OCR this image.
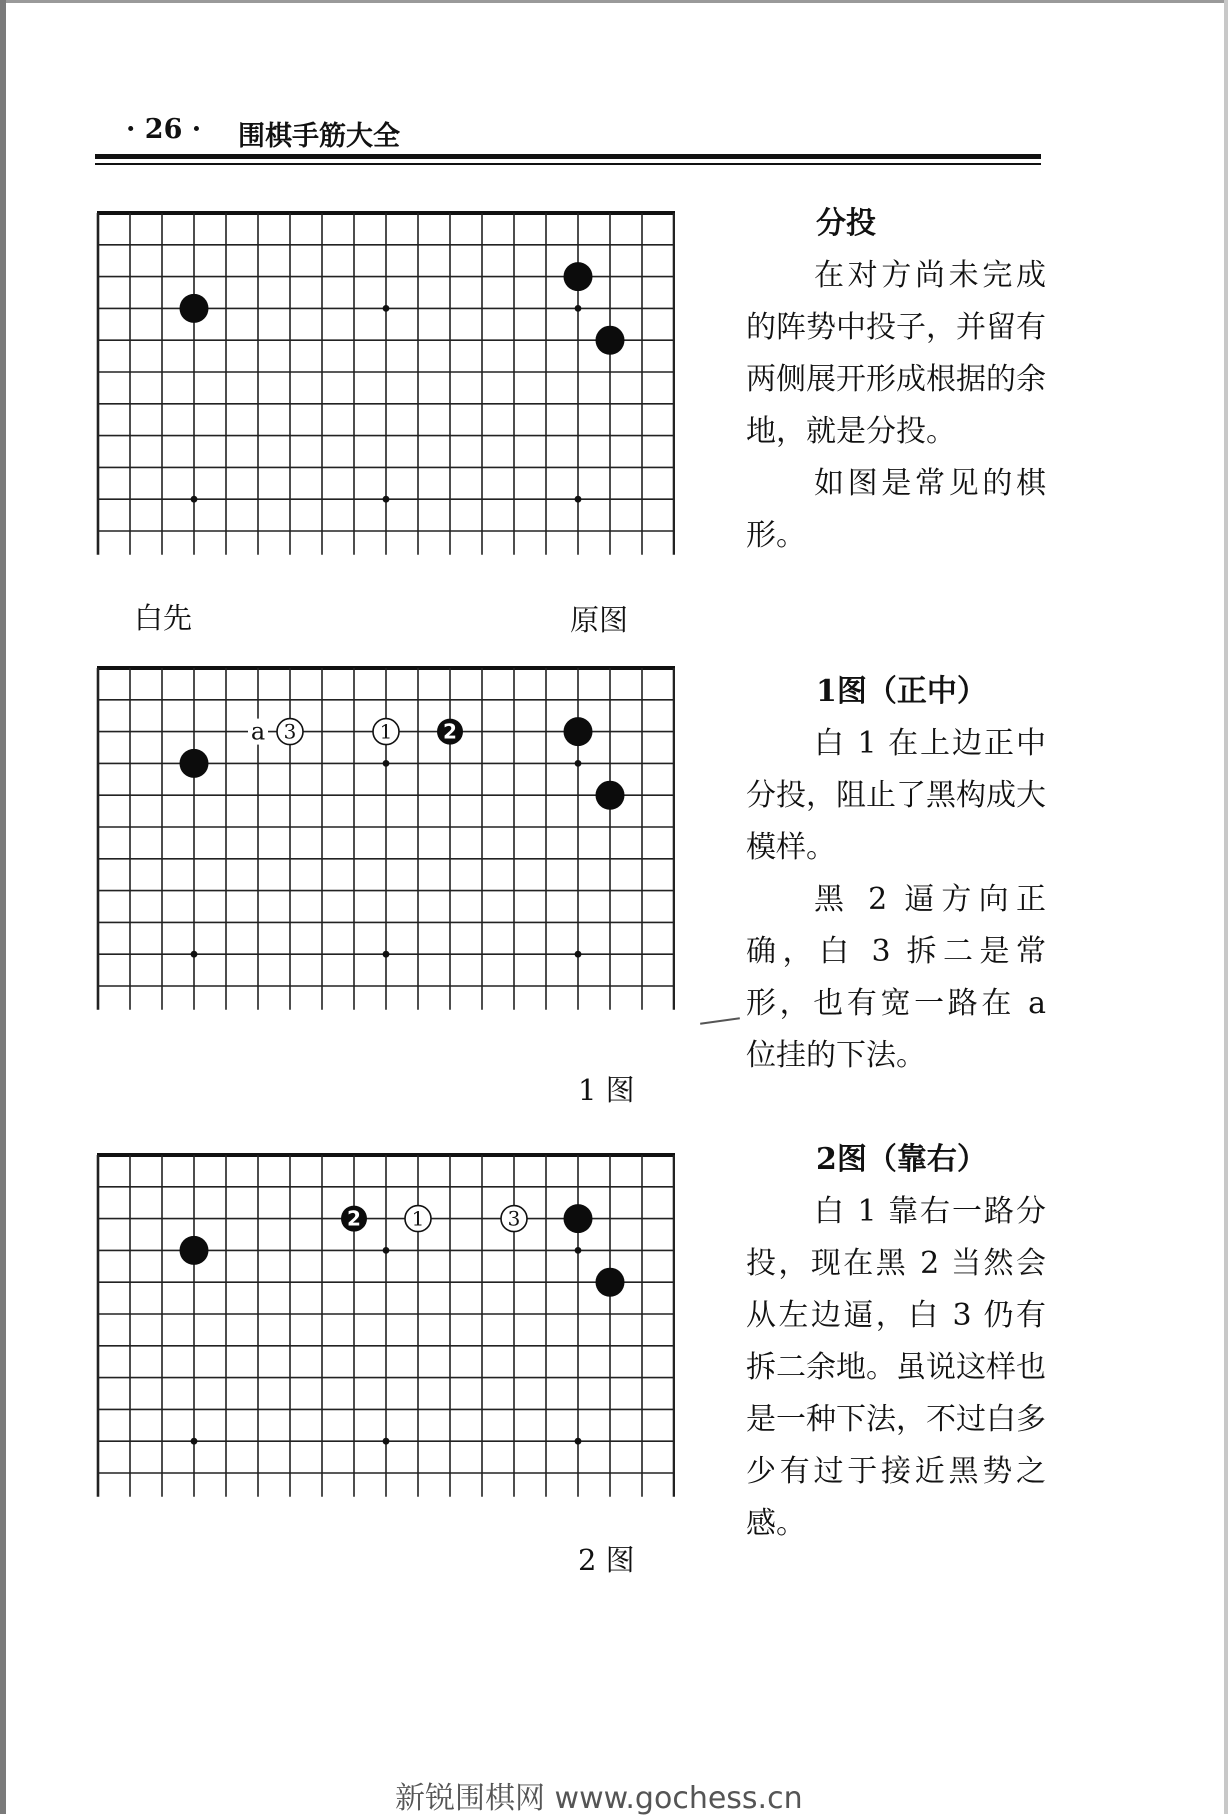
· 26 · 围棋手筋大全
白先	原图
a	1	2
3
1 图
1
2	3
2 图
分投
在对方尚未完成的阵势中投子，并留有两侧展开形成根据的余地，就是分投。
如图是常见的棋形。
1图（正中）
白 1 在上边正中分投，阻止了黑构成大模样。
黑 2 逼方向正确，白 3 拆二是常形，也有宽一路在 a 位挂的下法。
2图（靠右）
白 1 靠右一路分投，现在黑 2 当然会从左边逼，白 3 仍有拆二余地。虽说这样也是一种下法，不过白多少有过于接近黑势之感。
新锐围棋网 www.gochess.cn
